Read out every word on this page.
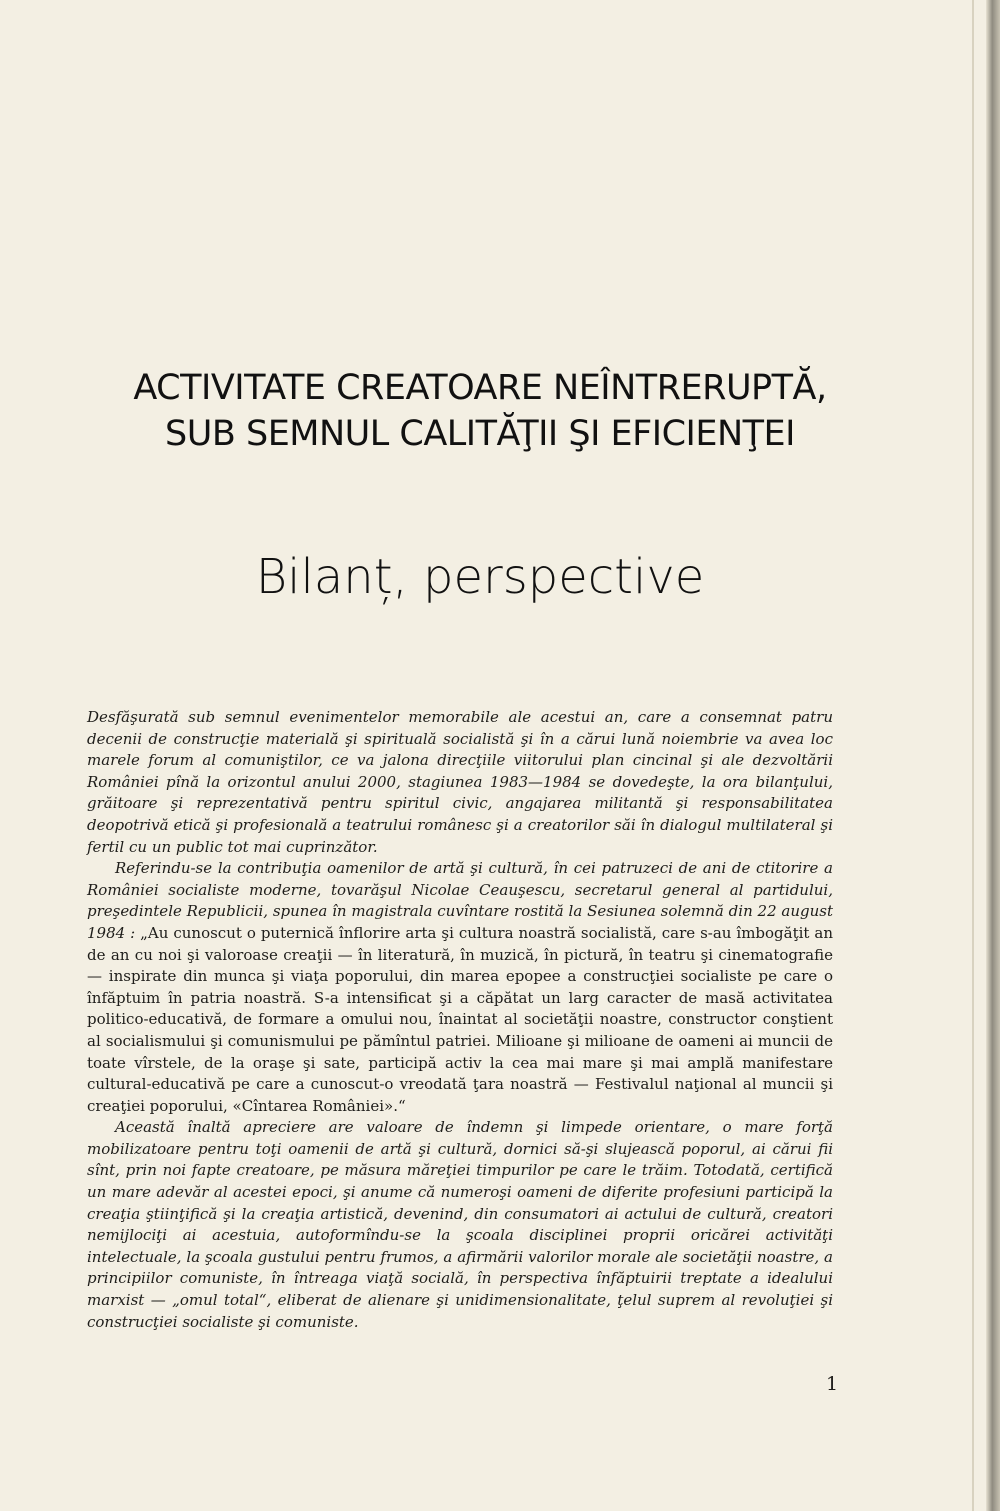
ACTIVITATE CREATOARE NEÎNTRERUPTĂ,
SUB SEMNUL CALITĂŢII ŞI EFICIENŢEI
Bilanț, perspective

Desfăşurată sub semnul evenimentelor memorabile ale acestui an, care a consemnat patru decenii de construcţie materială şi spirituală socialistă şi în a cărui lună noiembrie va avea loc marele forum al comuniştilor, ce va jalona direcţiile viitorului plan cincinal şi ale dezvoltării României pînă la orizontul anului 2000, stagiunea 1983—1984 se dovedeşte, la ora bilanţului, grăitoare şi reprezentativă pentru spiritul civic, angajarea militantă şi responsabilitatea deopotrivă etică şi profesională a teatrului românesc şi a creatorilor săi în dialogul multilateral şi fertil cu un public tot mai cuprinzător.

Referindu-se la contribuţia oamenilor de artă şi cultură, în cei patruzeci de ani de ctitorire a României socialiste moderne, tovarăşul Nicolae Ceauşescu, secretarul general al partidului, preşedintele Republicii, spunea în magistrala cuvîntare rostită la Sesiunea solemnă din 22 august 1984 : „Au cunoscut o puternică înflorire arta şi cultura noastră socialistă, care s-au îmbogăţit an de an cu noi şi valoroase creaţii — în literatură, în muzică, în pictură, în teatru şi cinematografie — inspirate din munca şi viaţa poporului, din marea epopee a construcţiei socialiste pe care o înfăptuim în patria noastră. S-a intensificat şi a căpătat un larg caracter de masă activitatea politico-educativă, de formare a omului nou, înaintat al societăţii noastre, constructor conştient al socialismului şi comunismului pe pămîntul patriei. Milioane şi milioane de oameni ai muncii de toate vîrstele, de la oraşe şi sate, participă activ la cea mai mare şi mai amplă manifestare cultural-educativă pe care a cunoscut-o vreodată ţara noastră — Festivalul naţional al muncii şi creaţiei poporului, «Cîntarea României».“

Această înaltă apreciere are valoare de îndemn şi limpede orientare, o mare forţă mobilizatoare pentru toţi oamenii de artă şi cultură, dornici să-şi slujească poporul, ai cărui fii sînt, prin noi fapte creatoare, pe măsura măreţiei timpurilor pe care le trăim. Totodată, certifică un mare adevăr al acestei epoci, şi anume că numeroşi oameni de diferite profesiuni participă la creaţia ştiinţifică şi la creaţia artistică, devenind, din consumatori ai actului de cultură, creatori nemijlociţi ai acestuia, autoformîndu-se la şcoala disciplinei proprii oricărei activităţi intelectuale, la şcoala gustului pentru frumos, a afirmării valorilor morale ale societăţii noastre, a principiilor comuniste, în întreaga viaţă socială, în perspectiva înfăptuirii treptate a idealului marxist — „omul total“, eliberat de alienare şi unidimensionalitate, ţelul suprem al revoluţiei şi construcţiei socialiste şi comuniste.

1
